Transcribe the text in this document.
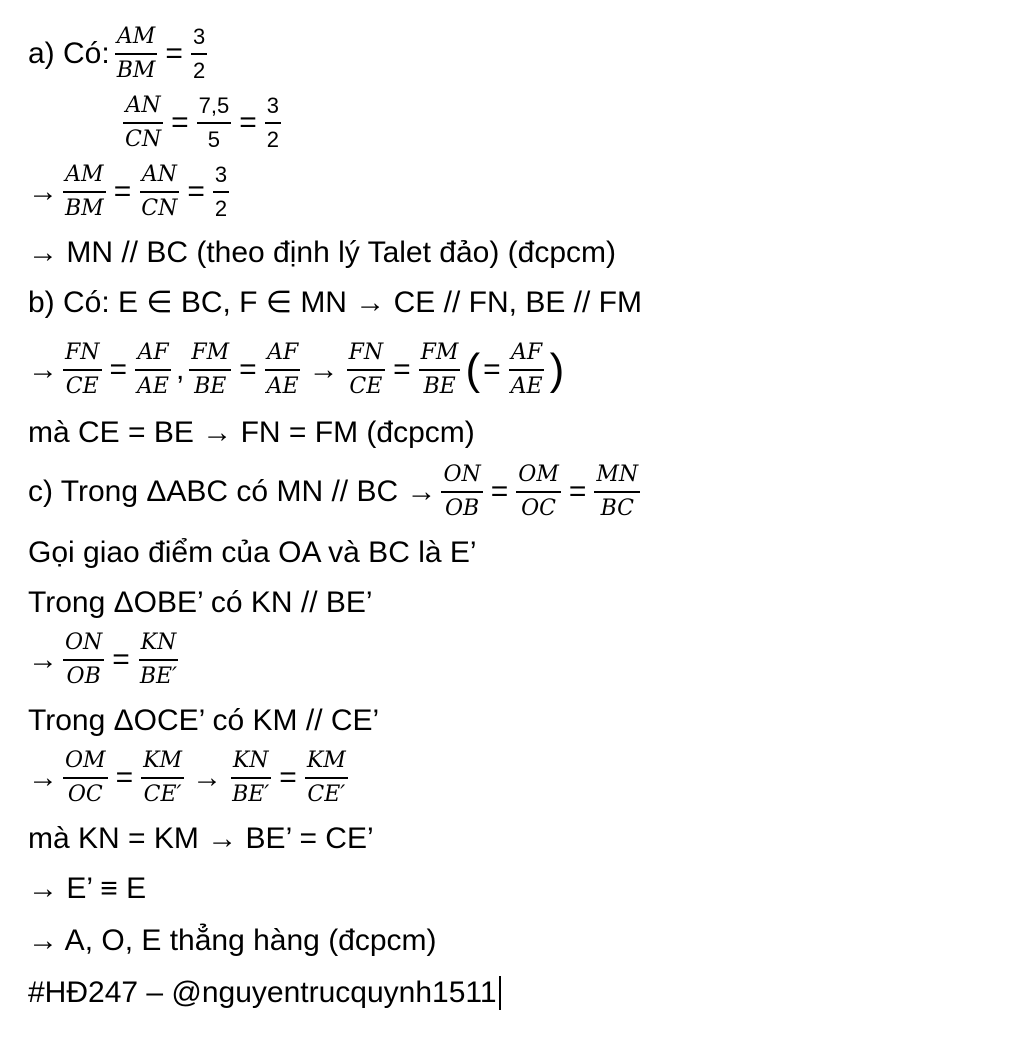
a) Có: $\frac{AM}{BM} = \frac{3}{2}$
$\frac{AN}{CN} = \frac{7,5}{5} = \frac{3}{2}$
→ $\frac{AM}{BM} = \frac{AN}{CN} = \frac{3}{2}$
→ MN // BC (theo định lý Talet đảo) (đcpcm)
b) Có: E ∈ BC, F ∈ MN → CE // FN, BE // FM
→ $\frac{FN}{CE} = \frac{AF}{AE}$ , $\frac{FM}{BE} = \frac{AF}{AE} \to \frac{FN}{CE} = \frac{FM}{BE}$ ( = $\frac{AF}{AE}$ )
mà CE = BE → FN = FM (đcpcm)
c) Trong ΔABC có MN // BC → $\frac{ON}{OB} = \frac{OM}{OC} = \frac{MN}{BC}$
Gọi giao điểm của OA và BC là E’
Trong ΔOBE’ có KN // BE’
→ $\frac{ON}{OB} = \frac{KN}{BE'}$
Trong ΔOCE’ có KM // CE’
→ $\frac{OM}{OC} = \frac{KM}{CE'} \to \frac{KN}{BE'} = \frac{KM}{CE'}$
mà KN = KM → BE’ = CE’
→ E’ ≡ E
→ A, O, E thẳng hàng (đcpcm)
#HĐ247 – @nguyentrucquynh1511
